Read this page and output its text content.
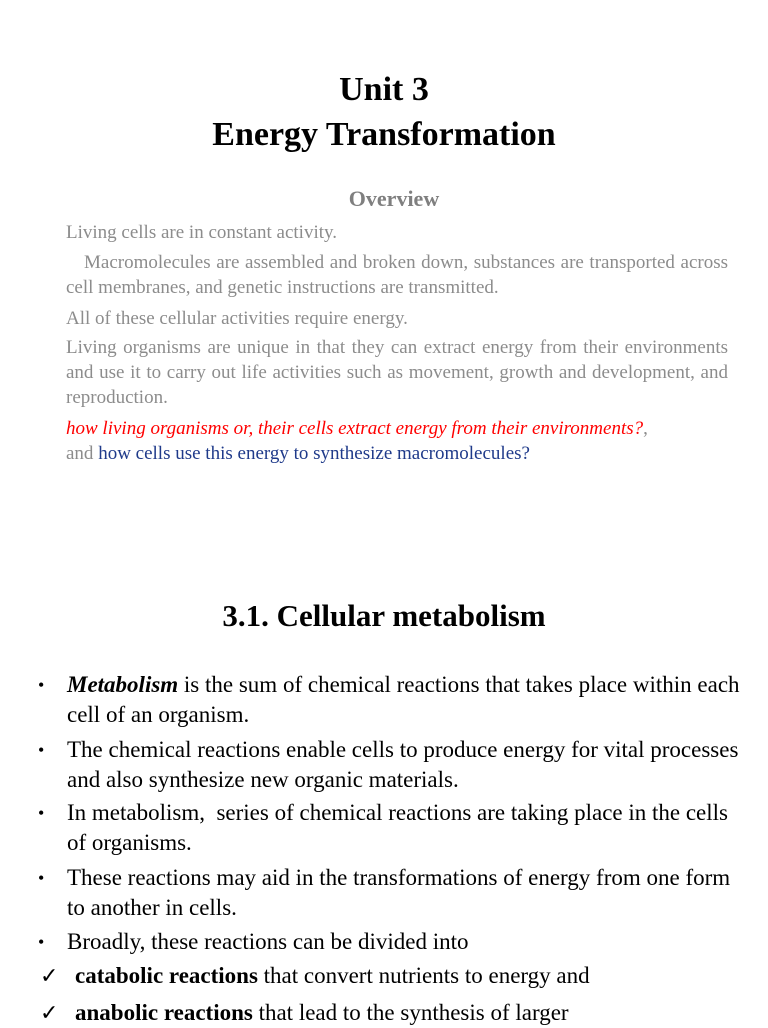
Unit 3
Energy Transformation
Overview

Living cells are in constant activity.

Macromolecules are assembled and broken down, substances are transported across cell membranes, and genetic instructions are transmitted.

All of these cellular activities require energy.

Living organisms are unique in that they can extract energy from their environments and use it to carry out life activities such as movement, growth and development, and reproduction.

how living organisms or, their cells extract energy from their environments?,
and how cells use this energy to synthesize macromolecules?

3.1. Cellular metabolism
• Metabolism is the sum of chemical reactions that takes place within each cell of an organism.
• The chemical reactions enable cells to produce energy for vital processes and also synthesize new organic materials.
• In metabolism,  series of chemical reactions are taking place in the cells of organisms.
• These reactions may aid in the transformations of energy from one form to another in cells.
• Broadly, these reactions can be divided into
✓ catabolic reactions that convert nutrients to energy and
✓ anabolic reactions that lead to the synthesis of larger
